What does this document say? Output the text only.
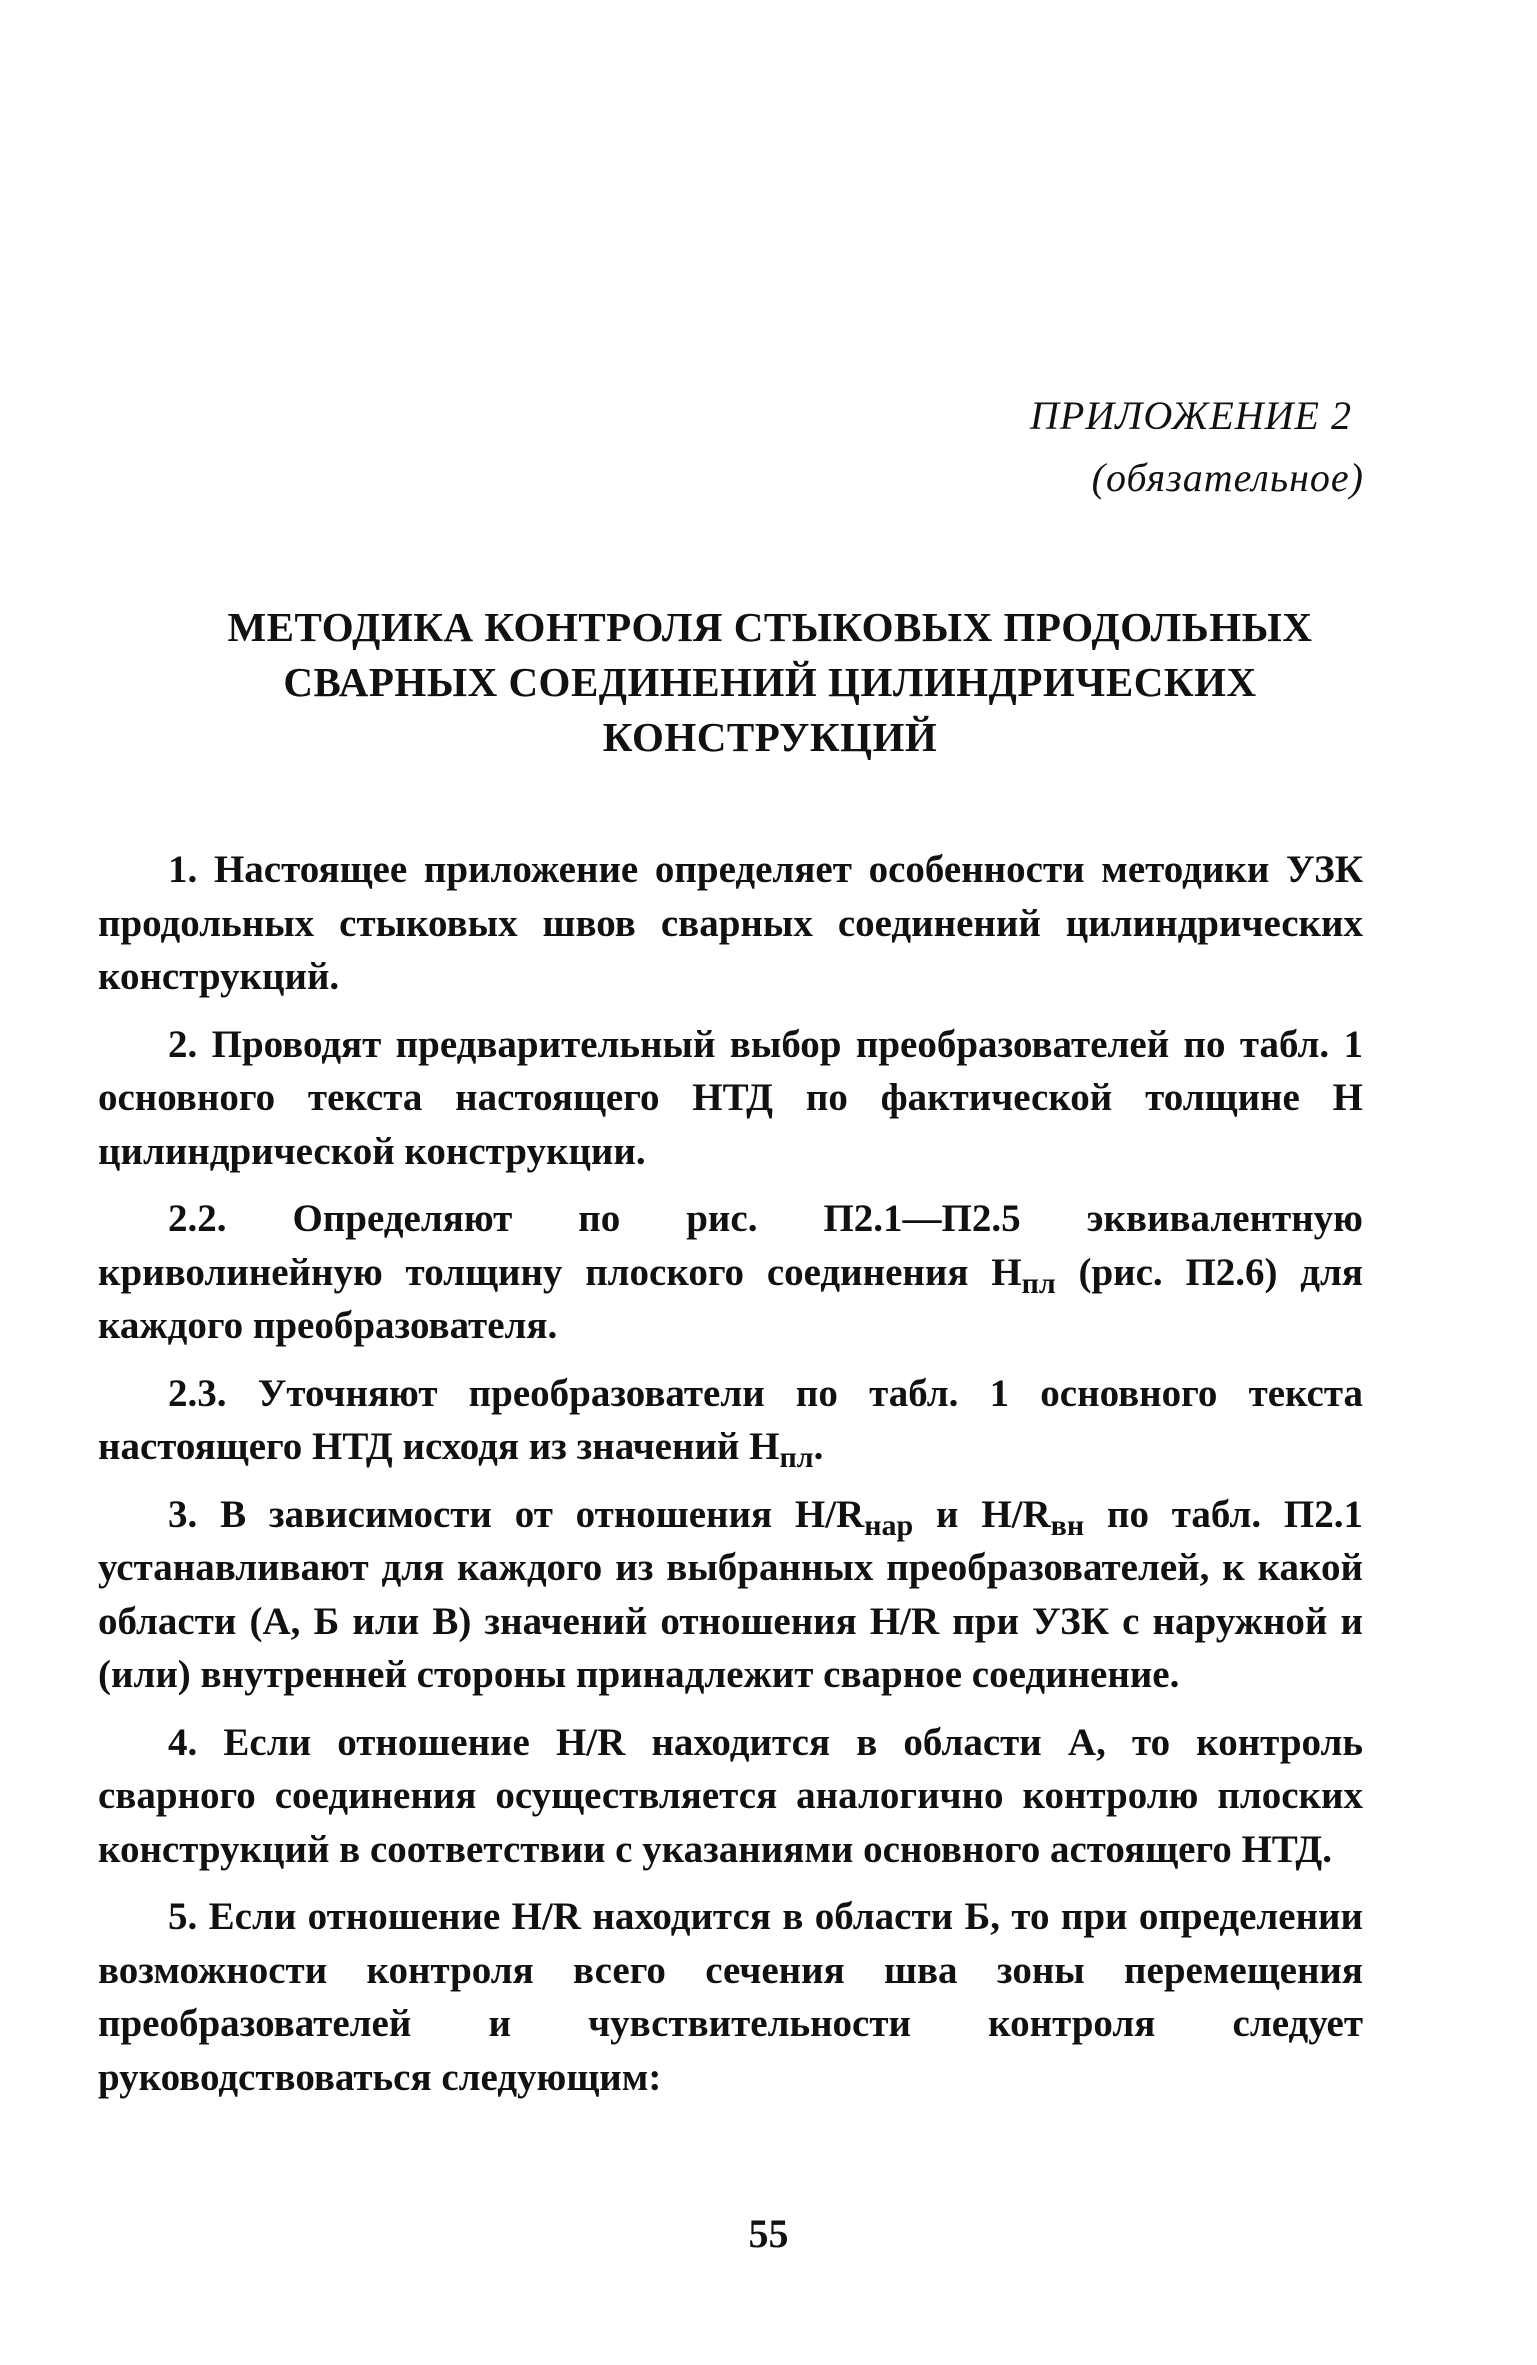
ПРИЛОЖЕНИЕ 2
(обязательное)
МЕТОДИКА КОНТРОЛЯ СТЫКОВЫХ ПРОДОЛЬНЫХ
СВАРНЫХ СОЕДИНЕНИЙ ЦИЛИНДРИЧЕСКИХ
КОНСТРУКЦИЙ

1. Настоящее приложение определяет особенности методики УЗК продольных стыковых швов сварных соединений цилиндрических конструкций.

2. Проводят предварительный выбор преобразователей по табл. 1 основного текста настоящего НТД по фактической толщине Н цилиндрической конструкции.

2.2. Определяют по рис. П2.1—П2.5 эквивалентную криволинейную толщину плоского соединения $Н_{пл}$ (рис. П2.6) для каждого преобразователя.

2.3. Уточняют преобразователи по табл. 1 основного текста настоящего НТД исходя из значений $Н_{пл}$.

3. В зависимости от отношения $H/R_{нар}$ и $H/R_{вн}$ по табл. П2.1 устанавливают для каждого из выбранных преобразователей, к какой области (А, Б или В) значений отношения H/R при УЗК с наружной и (или) внутренней стороны принадлежит сварное соединение.

4. Если отношение H/R находится в области А, то контроль сварного соединения осуществляется аналогично контролю плоских конструкций в соответствии с указаниями основного астоящего НТД.

5. Если отношение H/R находится в области Б, то при определении возможности контроля всего сечения шва зоны перемещения преобразователей и чувствительности контроля следует руководствоваться следующим:

55
